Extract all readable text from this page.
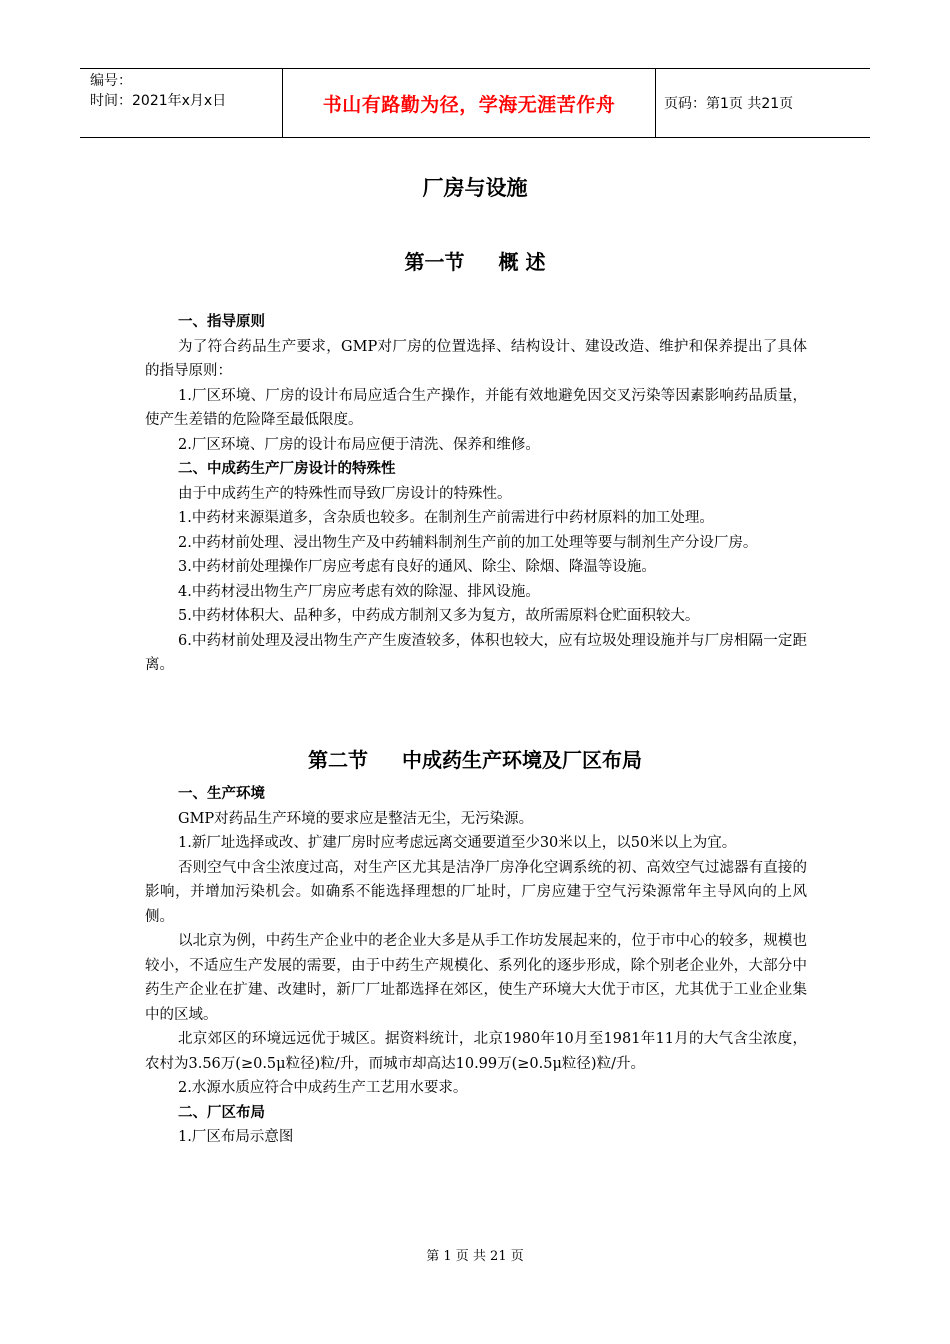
编号：
时间：2021年x月x日	书山有路勤为径，学海无涯苦作舟	页码：第1页 共21页
厂房与设施
第一节 概 述

一、指导原则

为了符合药品生产要求，GMP对厂房的位置选择、结构设计、建设改造、维护和保养提出了具体的指导原则：

1.厂区环境、厂房的设计布局应适合生产操作，并能有效地避免因交叉污染等因素影响药品质量，使产生差错的危险降至最低限度。

2.厂区环境、厂房的设计布局应便于清洗、保养和维修。

二、中成药生产厂房设计的特殊性

由于中成药生产的特殊性而导致厂房设计的特殊性。

1.中药材来源渠道多，含杂质也较多。在制剂生产前需进行中药材原料的加工处理。

2.中药材前处理、浸出物生产及中药辅料制剂生产前的加工处理等要与制剂生产分设厂房。

3.中药材前处理操作厂房应考虑有良好的通风、除尘、除烟、降温等设施。

4.中药材浸出物生产厂房应考虑有效的除湿、排风设施。

5.中药材体积大、品种多，中药成方制剂又多为复方，故所需原料仓贮面积较大。

6.中药材前处理及浸出物生产产生废渣较多，体积也较大，应有垃圾处理设施并与厂房相隔一定距离。

第二节 中成药生产环境及厂区布局

一、生产环境

GMP对药品生产环境的要求应是整洁无尘，无污染源。

1.新厂址选择或改、扩建厂房时应考虑远离交通要道至少30米以上，以50米以上为宜。

否则空气中含尘浓度过高，对生产区尤其是洁净厂房净化空调系统的初、高效空气过滤器有直接的影响，并增加污染机会。如确系不能选择理想的厂址时，厂房应建于空气污染源常年主导风向的上风侧。

以北京为例，中药生产企业中的老企业大多是从手工作坊发展起来的，位于市中心的较多，规模也较小，不适应生产发展的需要，由于中药生产规模化、系列化的逐步形成，除个别老企业外，大部分中药生产企业在扩建、改建时，新厂厂址都选择在郊区，使生产环境大大优于市区，尤其优于工业企业集中的区域。

北京郊区的环境远远优于城区。据资料统计，北京1980年10月至1981年11月的大气含尘浓度，农村为3.56万(≥0.5μ粒径)粒/升，而城市却高达10.99万(≥0.5μ粒径)粒/升。

2.水源水质应符合中成药生产工艺用水要求。

二、厂区布局

1.厂区布局示意图

第 1 页 共 21 页
